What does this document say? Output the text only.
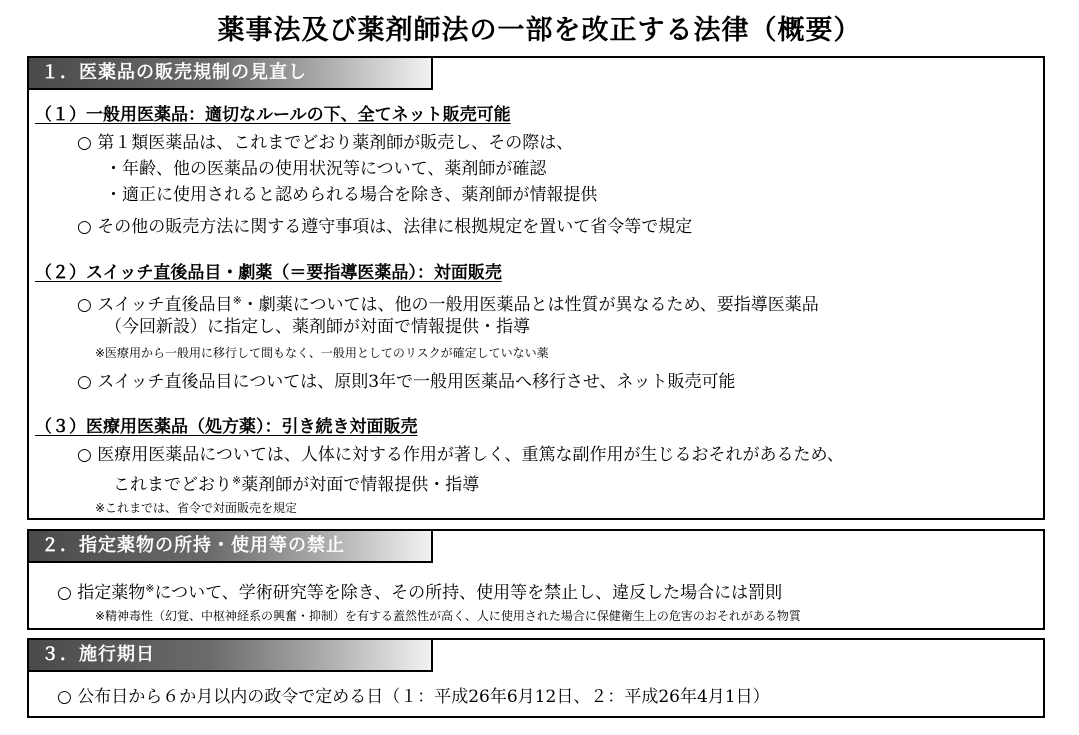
薬事法及び薬剤師法の一部を改正する法律（概要）
１．医薬品の販売規制の見直し
（１）一般用医薬品：適切なルールの下、全てネット販売可能
○ 第１類医薬品は、これまでどおり薬剤師が販売し、その際は、
・年齢、他の医薬品の使用状況等について、薬剤師が確認
・適正に使用されると認められる場合を除き、薬剤師が情報提供
○ その他の販売方法に関する遵守事項は、法律に根拠規定を置いて省令等で規定
（２）スイッチ直後品目・劇薬（＝要指導医薬品）：対面販売
○ スイッチ直後品目※・劇薬については、他の一般用医薬品とは性質が異なるため、要指導医薬品
（今回新設）に指定し、薬剤師が対面で情報提供・指導
※医療用から一般用に移行して間もなく、一般用としてのリスクが確定していない薬
○ スイッチ直後品目については、原則3年で一般用医薬品へ移行させ、ネット販売可能
（３）医療用医薬品（処方薬）：引き続き対面販売
○ 医療用医薬品については、人体に対する作用が著しく、重篤な副作用が生じるおそれがあるため、
これまでどおり※薬剤師が対面で情報提供・指導
※これまでは、省令で対面販売を規定
２．指定薬物の所持・使用等の禁止
○ 指定薬物※について、学術研究等を除き、その所持、使用等を禁止し、違反した場合には罰則
※精神毒性（幻覚、中枢神経系の興奮・抑制）を有する蓋然性が高く、人に使用された場合に保健衛生上の危害のおそれがある物質
３．施行期日
○ 公布日から６か月以内の政令で定める日（１：平成26年6月12日、２：平成26年4月1日）
